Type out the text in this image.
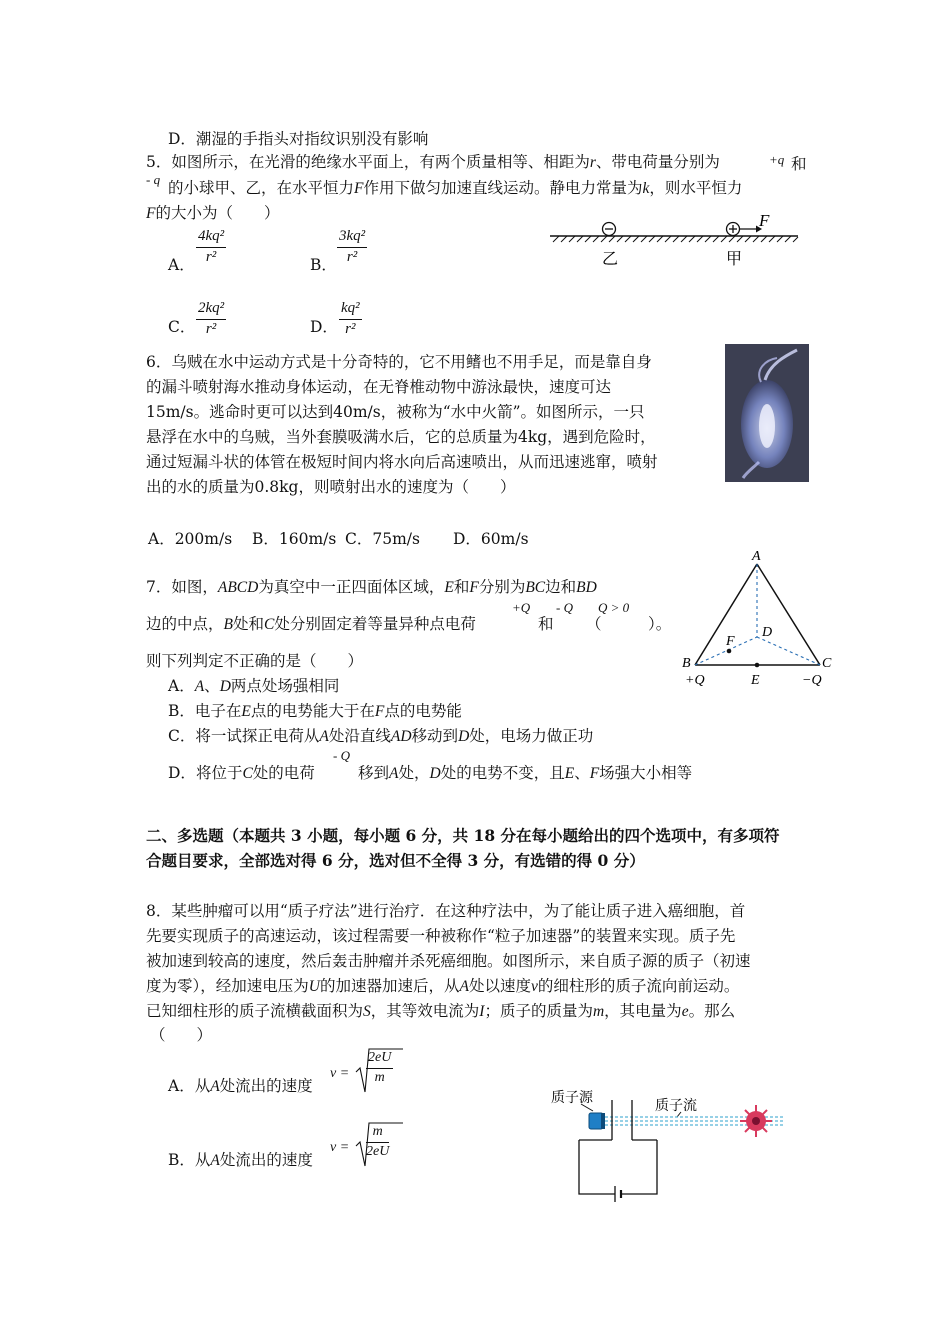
D．潮湿的手指头对指纹识别没有影响
5．如图所示，在光滑的绝缘水平面上，有两个质量相等、相距为r、带电荷量分别为	+q 和
- q 的小球甲、乙，在水平恒力F作用下做匀加速直线运动。静电力常量为k，则水平恒力
F的大小为（　　）
A． $\frac{\text{4kq²}}{\text{r²}}$	B． $\frac{\text{3kq²}}{\text{r²}}$
C． $\frac{\text{2kq²}}{\text{r²}}$	D． $\frac{\text{kq²}}{\text{r²}}$
F
乙	甲
6．乌贼在水中运动方式是十分奇特的，它不用鳍也不用手足，而是靠自身
的漏斗喷射海水推动身体运动，在无脊椎动物中游泳最快，速度可达
15m/s。逃命时更可以达到40m/s，被称为“水中火箭”。如图所示，一只
悬浮在水中的乌贼，当外套膜吸满水后，它的总质量为4kg，遇到危险时，
通过短漏斗状的体管在极短时间内将水向后高速喷出，从而迅速逃窜，喷射
出的水的质量为0.8kg，则喷射出水的速度为（　　）
A．200m/s B．160m/s C．75m/s D．60m/s
7．如图，ABCD为真空中一正四面体区域，E和F分别为BC边和BD
+Q - Q Q > 0
边的中点，B处和C处分别固定着等量异种点电荷	和 （　　　）。
则下列判定不正确的是（　　）
A．A、D两点处场强相同
B．电子在E点的电势能大于在F点的电势能
C．将一试探正电荷从A处沿直线AD移动到D处，电场力做正功
- Q
D．将位于C处的电荷	移到A处，D处的电势不变，且E、F场强大小相等
A
D
F
B	C
E
+Q	−Q
二、多选题（本题共 3 小题，每小题 6 分，共 18 分在每小题给出的四个选项中，有多项符
合题目要求，全部选对得 6 分，选对但不全得 3 分，有选错的得 0 分）
8．某些肿瘤可以用“质子疗法”进行治疗．在这种疗法中，为了能让质子进入癌细胞，首
先要实现质子的高速运动，该过程需要一种被称作“粒子加速器”的装置来实现。质子先
被加速到较高的速度，然后轰击肿瘤并杀死癌细胞。如图所示，来自质子源的质子（初速
度为零），经加速电压为U的加速器加速后，从A处以速度v的细柱形的质子流向前运动。
已知细柱形的质子流横截面积为S，其等效电流为I；质子的质量为m，其电量为e。那么
（　　）
A．从A处流出的速度
$v = \frac{2eU}{m}$
B．从A处流出的速度
$v = \frac{m}{2eU}$
质子源
质子流
